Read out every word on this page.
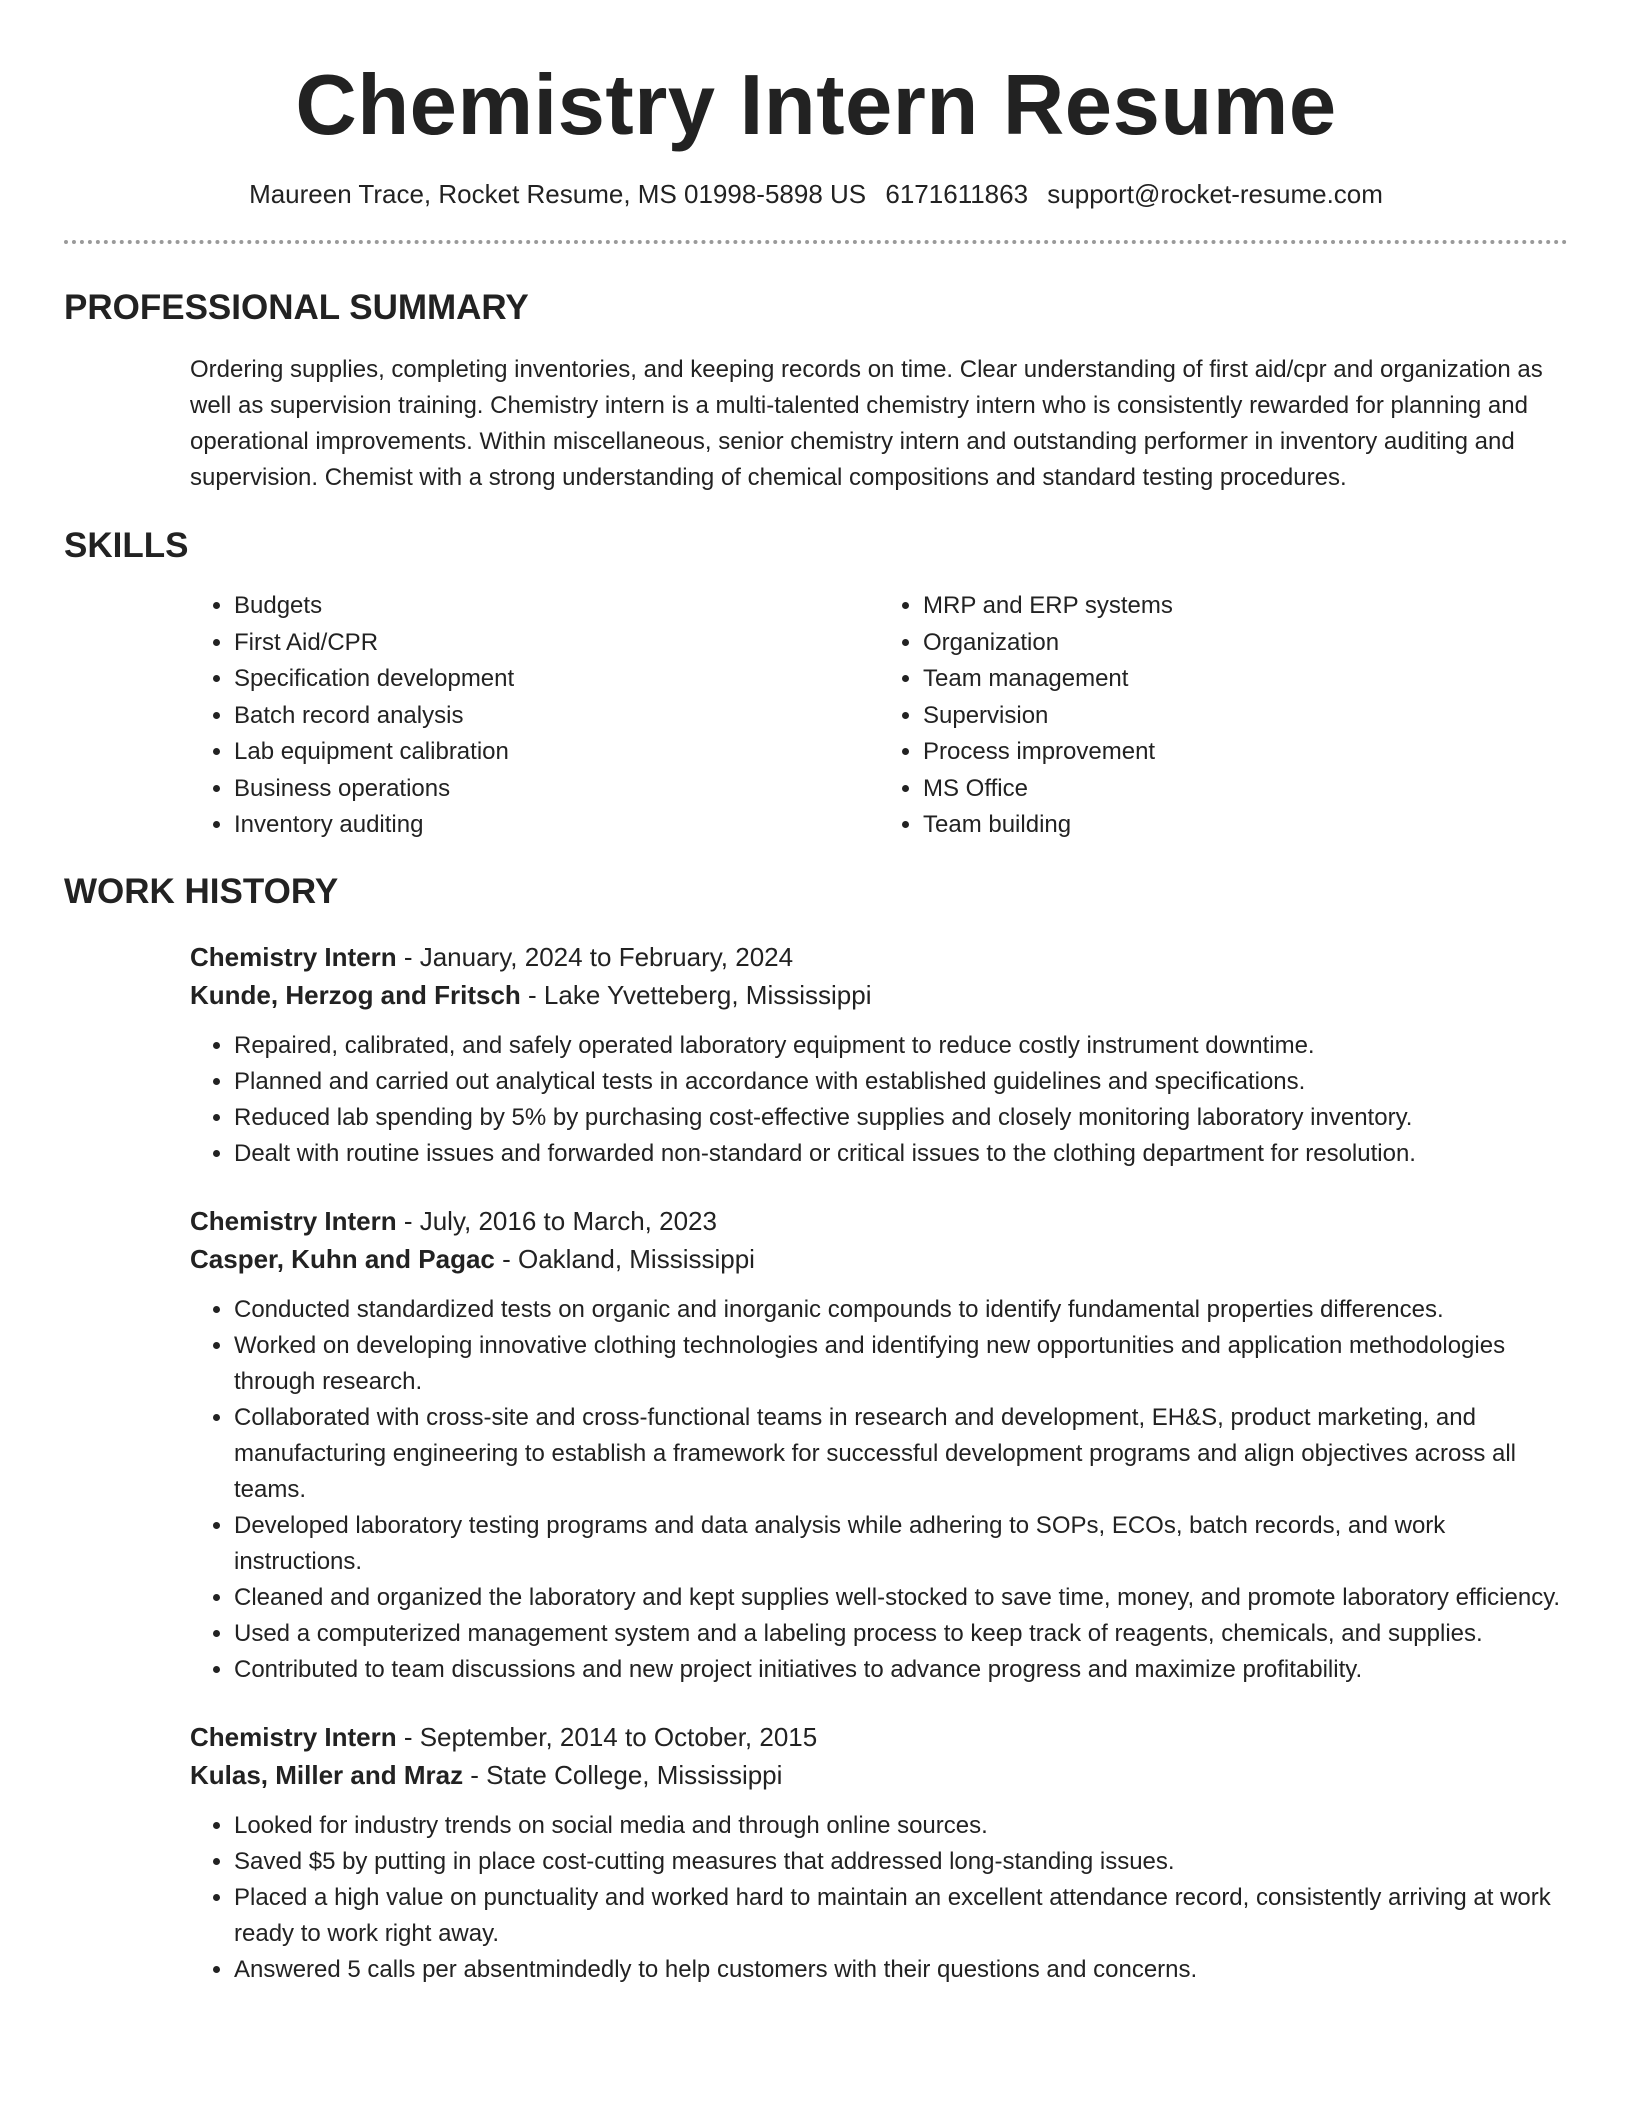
Chemistry Intern Resume
Maureen Trace, Rocket Resume, MS 01998-5898 US 6171611863 support@rocket-resume.com
PROFESSIONAL SUMMARY

Ordering supplies, completing inventories, and keeping records on time. Clear understanding of first aid/cpr and organization as well as supervision training. Chemistry intern is a multi-talented chemistry intern who is consistently rewarded for planning and operational improvements. Within miscellaneous, senior chemistry intern and outstanding performer in inventory auditing and supervision. Chemist with a strong understanding of chemical compositions and standard testing procedures.

SKILLS
• Budgets
• First Aid/CPR
• Specification development
• Batch record analysis
• Lab equipment calibration
• Business operations
• Inventory auditing
• MRP and ERP systems
• Organization
• Team management
• Supervision
• Process improvement
• MS Office
• Team building
WORK HISTORY
Chemistry Intern - January, 2024 to February, 2024
Kunde, Herzog and Fritsch - Lake Yvetteberg, Mississippi
• Repaired, calibrated, and safely operated laboratory equipment to reduce costly instrument downtime.
• Planned and carried out analytical tests in accordance with established guidelines and specifications.
• Reduced lab spending by 5% by purchasing cost-effective supplies and closely monitoring laboratory inventory.
• Dealt with routine issues and forwarded non-standard or critical issues to the clothing department for resolution.
Chemistry Intern - July, 2016 to March, 2023
Casper, Kuhn and Pagac - Oakland, Mississippi
• Conducted standardized tests on organic and inorganic compounds to identify fundamental properties differences.
• Worked on developing innovative clothing technologies and identifying new opportunities and application methodologies through research.
• Collaborated with cross-site and cross-functional teams in research and development, EH&S, product marketing, and manufacturing engineering to establish a framework for successful development programs and align objectives across all teams.
• Developed laboratory testing programs and data analysis while adhering to SOPs, ECOs, batch records, and work instructions.
• Cleaned and organized the laboratory and kept supplies well-stocked to save time, money, and promote laboratory efficiency.
• Used a computerized management system and a labeling process to keep track of reagents, chemicals, and supplies.
• Contributed to team discussions and new project initiatives to advance progress and maximize profitability.
Chemistry Intern - September, 2014 to October, 2015
Kulas, Miller and Mraz - State College, Mississippi
• Looked for industry trends on social media and through online sources.
• Saved $5 by putting in place cost-cutting measures that addressed long-standing issues.
• Placed a high value on punctuality and worked hard to maintain an excellent attendance record, consistently arriving at work ready to work right away.
• Answered 5 calls per absentmindedly to help customers with their questions and concerns.
